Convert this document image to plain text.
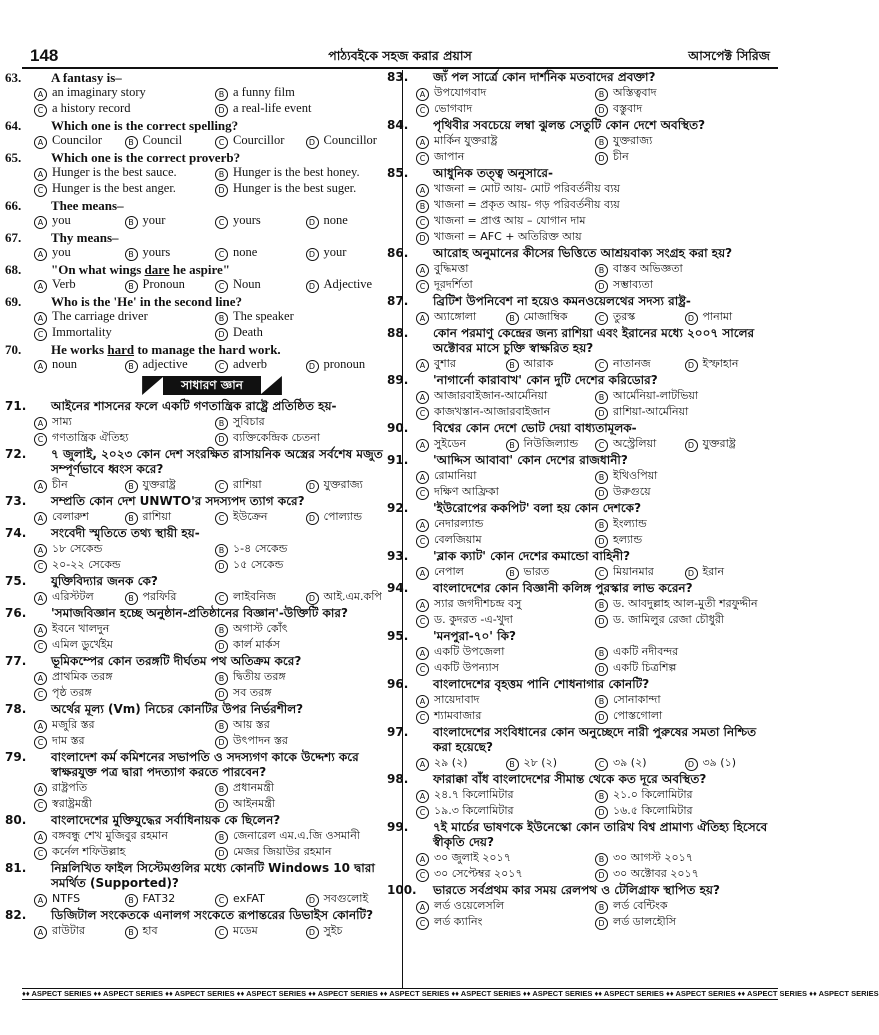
148	পাঠ্যবইকে সহজ করার প্রয়াস	আসপেক্ট সিরিজ
63. A fantasy is–
A an imaginary story	B a funny film
C a history record	D a real-life event
64. Which one is the correct spelling?
A Councilor	B Council	C Courcillor	D Councillor
65. Which one is the correct proverb?
A Hunger is the best sauce.	B Hunger is the best honey.
C Hunger is the best anger.	D Hunger is the best suger.
66. Thee means–
A you	B your	C yours	D none
67. Thy means–
A you	B yours	C none	D your
68. "On what wings dare he aspire"
A Verb	B Pronoun	C Noun	D Adjective
69. Who is the 'He' in the second line?
A The carriage driver	B The speaker
C Immortality	D Death
70. He works hard to manage the hard work.
A noun	B adjective	C adverb	D pronoun
সাধারণ জ্ঞান
71. আইনের শাসনের ফলে একটি গণতান্ত্রিক রাষ্ট্রে প্রতিষ্ঠিত হয়-
A সাম্য	B সুবিচার
C গণতান্ত্রিক ঐতিহ্য	D ব্যক্তিকেন্দ্রিক চেতনা
72. ৭ জুলাই, ২০২৩ কোন দেশ সংরক্ষিত রাসায়নিক অস্ত্রের সর্বশেষ মজুত সম্পূর্ণভাবে ধ্বংস করে?
A চীন	B যুক্তরাষ্ট্র	C রাশিয়া	D যুক্তরাজ্য
73. সম্প্রতি কোন দেশ UNWTO'র সদস্যপদ ত্যাগ করে?
A বেলারুশ	B রাশিয়া	C ইউক্রেন	D পোল্যান্ড
74. সংবেদী স্মৃতিতে তথ্য স্থায়ী হয়-
A ১৮ সেকেন্ড	B ১-৪ সেকেন্ড
C ২০-২২ সেকেন্ড	D ১৫ সেকেন্ড
75. যুক্তিবিদ্যার জনক কে?
A এরিস্টটল	B পরফিরি	C লাইবনিজ	D আই.এম.কপি
76. 'সমাজবিজ্ঞান হচ্ছে অনুষ্ঠান-প্রতিষ্ঠানের বিজ্ঞান'-উক্তিটি কার?
A ইবনে খালদুন	B অগাস্ট কোঁৎ
C এমিল ডুর্খেইম	D কার্ল মার্কস
77. ভূমিকম্পের কোন তরঙ্গটি দীর্ঘতম পথ অতিক্রম করে?
A প্রাথমিক তরঙ্গ	B দ্বিতীয় তরঙ্গ
C পৃষ্ঠ তরঙ্গ	D সব তরঙ্গ
78. অর্থের মূল্য (Vm) নিচের কোনটির উপর নির্ভরশীল?
A মজুরি স্তর	B আয় স্তর
C দাম স্তর	D উৎপাদন স্তর
79. বাংলাদেশ কর্ম কমিশনের সভাপতি ও সদস্যগণ কাকে উদ্দেশ্য করে স্বাক্ষরযুক্ত পত্র দ্বারা পদত্যাগ করতে পারবেন?
A রাষ্ট্রপতি	B প্রধানমন্ত্রী
C স্বরাষ্ট্রমন্ত্রী	D আইনমন্ত্রী
80. বাংলাদেশের মুক্তিযুদ্ধের সর্বাধিনায়ক কে ছিলেন?
A বঙ্গবন্ধু শেখ মুজিবুর রহমান	B জেনারেল এম.এ.জি ওসমানী
C কর্নেল শফিউল্লাহ	D মেজর জিয়াউর রহমান
81. নিম্নলিখিত ফাইল সিস্টেমগুলির মধ্যে কোনটি Windows 10 দ্বারা সমর্থিত (Supported)?
A NTFS	B FAT32	C exFAT	D সবগুলোই
82. ডিজিটাল সংকেতকে এনালগ সংকেতে রূপান্তরের ডিভাইস কোনটি?
A রাউটার	B হাব	C মডেম	D সুইচ
83. জ্যঁ পল সার্ত্রে কোন দার্শনিক মতবাদের প্রবক্তা?
A উপযোগবাদ	B অস্তিত্ববাদ
C ভোগবাদ	D বস্তুবাদ
84. পৃথিবীর সবচেয়ে লম্বা ঝুলন্ত সেতুটি কোন দেশে অবস্থিত?
A মার্কিন যুক্তরাষ্ট্র	B যুক্তরাজ্য
C জাপান	D চীন
85. আধুনিক তত্ত্ব অনুসারে-
A খাজনা = মোট আয়- মোট পরিবর্তনীয় ব্যয়
B খাজনা = প্রকৃত আয়- গড় পরিবর্তনীয় ব্যয়
C খাজনা = প্রাপ্ত আয় – যোগান দাম
D খাজনা = AFC + অতিরিক্ত আয়
86. আরোহ অনুমানের কীসের ভিত্তিতে আশ্রয়বাক্য সংগ্রহ করা হয়?
A বুদ্ধিমত্তা	B বাস্তব অভিজ্ঞতা
C দূরদর্শিতা	D সম্ভাব্যতা
87. ব্রিটিশ উপনিবেশ না হয়েও কমনওয়েলথের সদস্য রাষ্ট্র-
A অ্যাঙ্গোলা	B মোজাম্বিক	C তুরস্ক	D পানামা
88. কোন পরমাণু কেন্দ্রের জন্য রাশিয়া এবং ইরানের মধ্যে ২০০৭ সালের অক্টোবর মাসে চুক্তি স্বাক্ষরিত হয়?
A বুশার	B আরাক	C নাতানজ	D ইস্ফাহান
89. 'নাগার্নো কারাবাখ' কোন দুটি দেশের করিডোর?
A আজারবাইজান-আর্মেনিয়া	B আর্মেনিয়া-লাটভিয়া
C কাজখস্তান-আজারবাইজান	D রাশিয়া-আর্মেনিয়া
90. বিশ্বের কোন দেশে ভোট দেয়া বাধ্যতামূলক-
A সুইডেন	B নিউজিল্যান্ড	C অস্ট্রেলিয়া	D যুক্তরাষ্ট্র
91. 'আদ্দিস আবাবা' কোন দেশের রাজধানী?
A রোমানিয়া	B ইথিওপিয়া
C দক্ষিণ আফ্রিকা	D উরুগুয়ে
92. 'ইউরোপের ককপিট' বলা হয় কোন দেশকে?
A নেদারল্যান্ড	B ইংল্যান্ড
C বেলজিয়াম	D হল্যান্ড
93. 'ব্লাক ক্যাট' কোন দেশের কমান্ডো বাহিনী?
A নেপাল	B ভারত	C মিয়ানমার	D ইরান
94. বাংলাদেশের কোন বিজ্ঞানী কলিঙ্গ পুরস্কার লাভ করেন?
A স্যার জগদীশচন্দ্র বসু	B ড. আবদুল্লাহ আল-মুতী শরফুদ্দীন
C ড. কুদরত -এ-খুদা	D ড. জামিলুর রেজা চৌধুরী
95. 'মনপুরা-৭০' কি?
A একটি উপজেলা	B একটি নদীবন্দর
C একটি উপন্যাস	D একটি চিত্রশিল্প
96. বাংলাদেশের বৃহত্তম পানি শোধনাগার কোনটি?
A সায়েদাবাদ	B সোনাকান্দা
C শ্যামবাজার	D পোস্তগোলা
97. বাংলাদেশের সংবিধানের কোন অনুচ্ছেদে নারী পুরুষের সমতা নিশ্চিত করা হয়েছে?
A ২৯ (২)	B ২৮ (২)	C ৩৯ (২)	D ৩৯ (১)
98. ফারাক্কা বাঁধ বাংলাদেশের সীমান্ত থেকে কত দূরে অবস্থিত?
A ২৪.৭ কিলোমিটার	B ২১.০ কিলোমিটার
C ১৯.৩ কিলোমিটার	D ১৬.৫ কিলোমিটার
99. ৭ই মার্চের ভাষণকে ইউনেস্কো কোন তারিখ বিশ্ব প্রামাণ্য ঐতিহ্য হিসেবে স্বীকৃতি দেয়?
A ৩০ জুলাই ২০১৭	B ৩০ আগস্ট ২০১৭
C ৩০ সেপ্টেম্বর ২০১৭	D ৩০ অক্টোবর ২০১৭
100. ভারতে সর্বপ্রথম কার সময় রেলপথ ও টেলিগ্রাফ স্থাপিত হয়?
A লর্ড ওয়েলেসলি	B লর্ড বেন্টিংক
C লর্ড ক্যানিং	D লর্ড ডালহৌসি
♦♦ ASPECT SERIES ♦♦ ASPECT SERIES ♦♦ ASPECT SERIES ♦♦ ASPECT SERIES ♦♦ ASPECT SERIES ♦♦ ASPECT SERIES ♦♦ ASPECT SERIES ♦♦ ASPECT SERIES ♦♦ ASPECT SERIES ♦♦ ASPECT SERIES ♦♦ ASPECT SERIES ♦♦ ASPECT SERIES
